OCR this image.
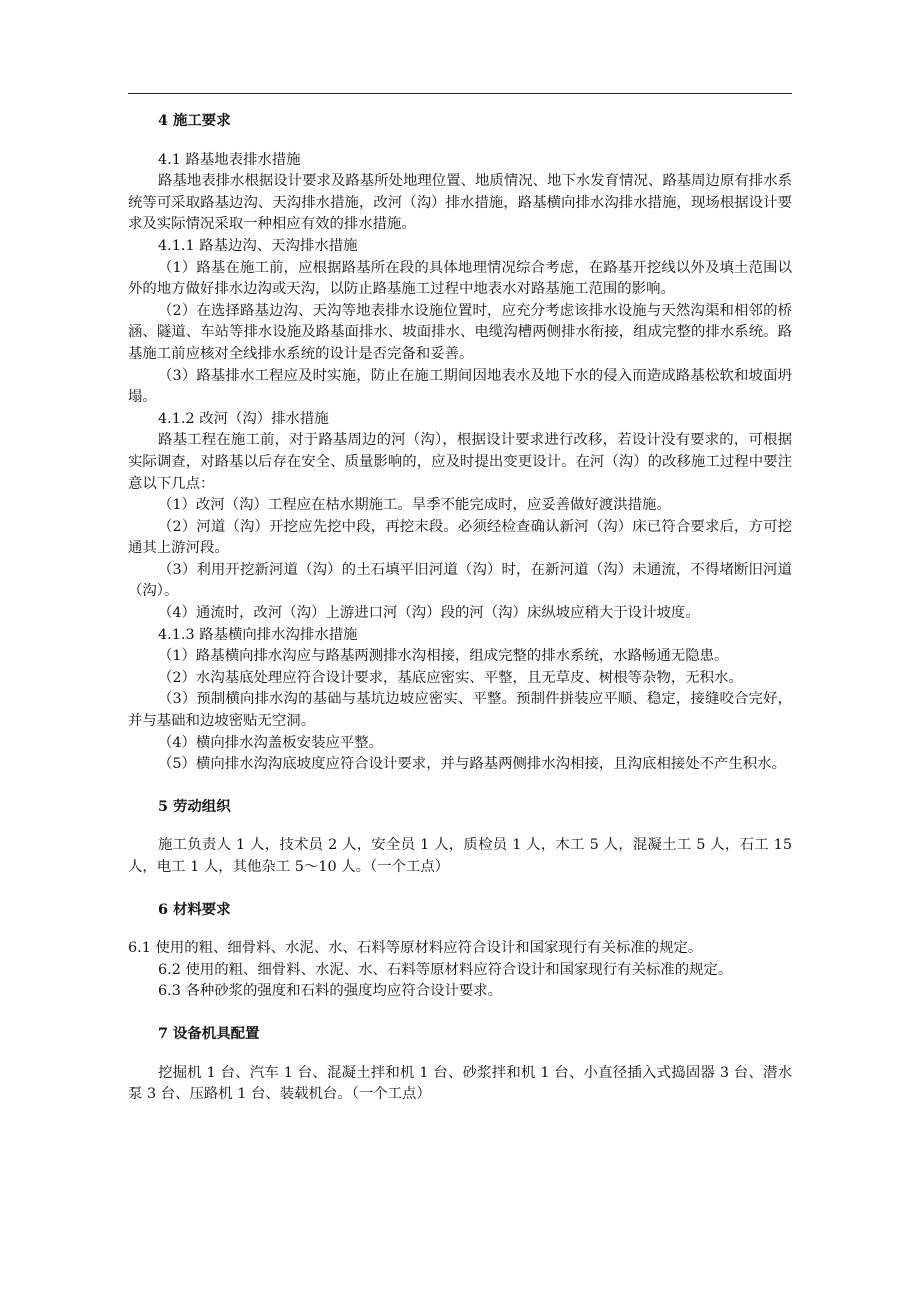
4 施工要求

4.1 路基地表排水措施

路基地表排水根据设计要求及路基所处地理位置、地质情况、地下水发育情况、路基周边原有排水系统等可采取路基边沟、天沟排水措施，改河（沟）排水措施，路基横向排水沟排水措施，现场根据设计要求及实际情况采取一种相应有效的排水措施。

4.1.1 路基边沟、天沟排水措施

（1）路基在施工前，应根据路基所在段的具体地理情况综合考虑，在路基开挖线以外及填土范围以外的地方做好排水边沟或天沟，以防止路基施工过程中地表水对路基施工范围的影响。

（2）在选择路基边沟、天沟等地表排水设施位置时，应充分考虑该排水设施与天然沟渠和相邻的桥涵、隧道、车站等排水设施及路基面排水、坡面排水、电缆沟槽两侧排水衔接，组成完整的排水系统。路基施工前应核对全线排水系统的设计是否完备和妥善。

（3）路基排水工程应及时实施，防止在施工期间因地表水及地下水的侵入而造成路基松软和坡面坍塌。

4.1.2 改河（沟）排水措施

路基工程在施工前，对于路基周边的河（沟），根据设计要求进行改移，若设计没有要求的，可根据实际调查，对路基以后存在安全、质量影响的，应及时提出变更设计。在河（沟）的改移施工过程中要注意以下几点：

（1）改河（沟）工程应在枯水期施工。旱季不能完成时，应妥善做好渡洪措施。

（2）河道（沟）开挖应先挖中段，再挖末段。必须经检查确认新河（沟）床已符合要求后，方可挖通其上游河段。

（3）利用开挖新河道（沟）的土石填平旧河道（沟）时，在新河道（沟）未通流，不得堵断旧河道（沟）。

（4）通流时，改河（沟）上游进口河（沟）段的河（沟）床纵坡应稍大于设计坡度。

4.1.3 路基横向排水沟排水措施

（1）路基横向排水沟应与路基两测排水沟相接，组成完整的排水系统，水路畅通无隐患。

（2）水沟基底处理应符合设计要求，基底应密实、平整，且无草皮、树根等杂物，无积水。

（3）预制横向排水沟的基础与基坑边坡应密实、平整。预制件拼装应平顺、稳定，接缝咬合完好，并与基础和边坡密贴无空洞。

（4）横向排水沟盖板安装应平整。

（5）横向排水沟沟底坡度应符合设计要求，并与路基两侧排水沟相接，且沟底相接处不产生积水。

5 劳动组织

施工负责人 1 人，技术员 2 人，安全员 1 人，质检员 1 人，木工 5 人，混凝土工 5 人，石工 15 人，电工 1 人，其他杂工 5～10 人。（一个工点）

6 材料要求

6.1 使用的粗、细骨料、水泥、水、石料等原材料应符合设计和国家现行有关标准的规定。

6.2 使用的粗、细骨料、水泥、水、石料等原材料应符合设计和国家现行有关标准的规定。

6.3 各种砂浆的强度和石料的强度均应符合设计要求。

7 设备机具配置

挖掘机 1 台、汽车 1 台、混凝土拌和机 1 台、砂浆拌和机 1 台、小直径插入式捣固器 3 台、潜水泵 3 台、压路机 1 台、装载机台。（一个工点）
